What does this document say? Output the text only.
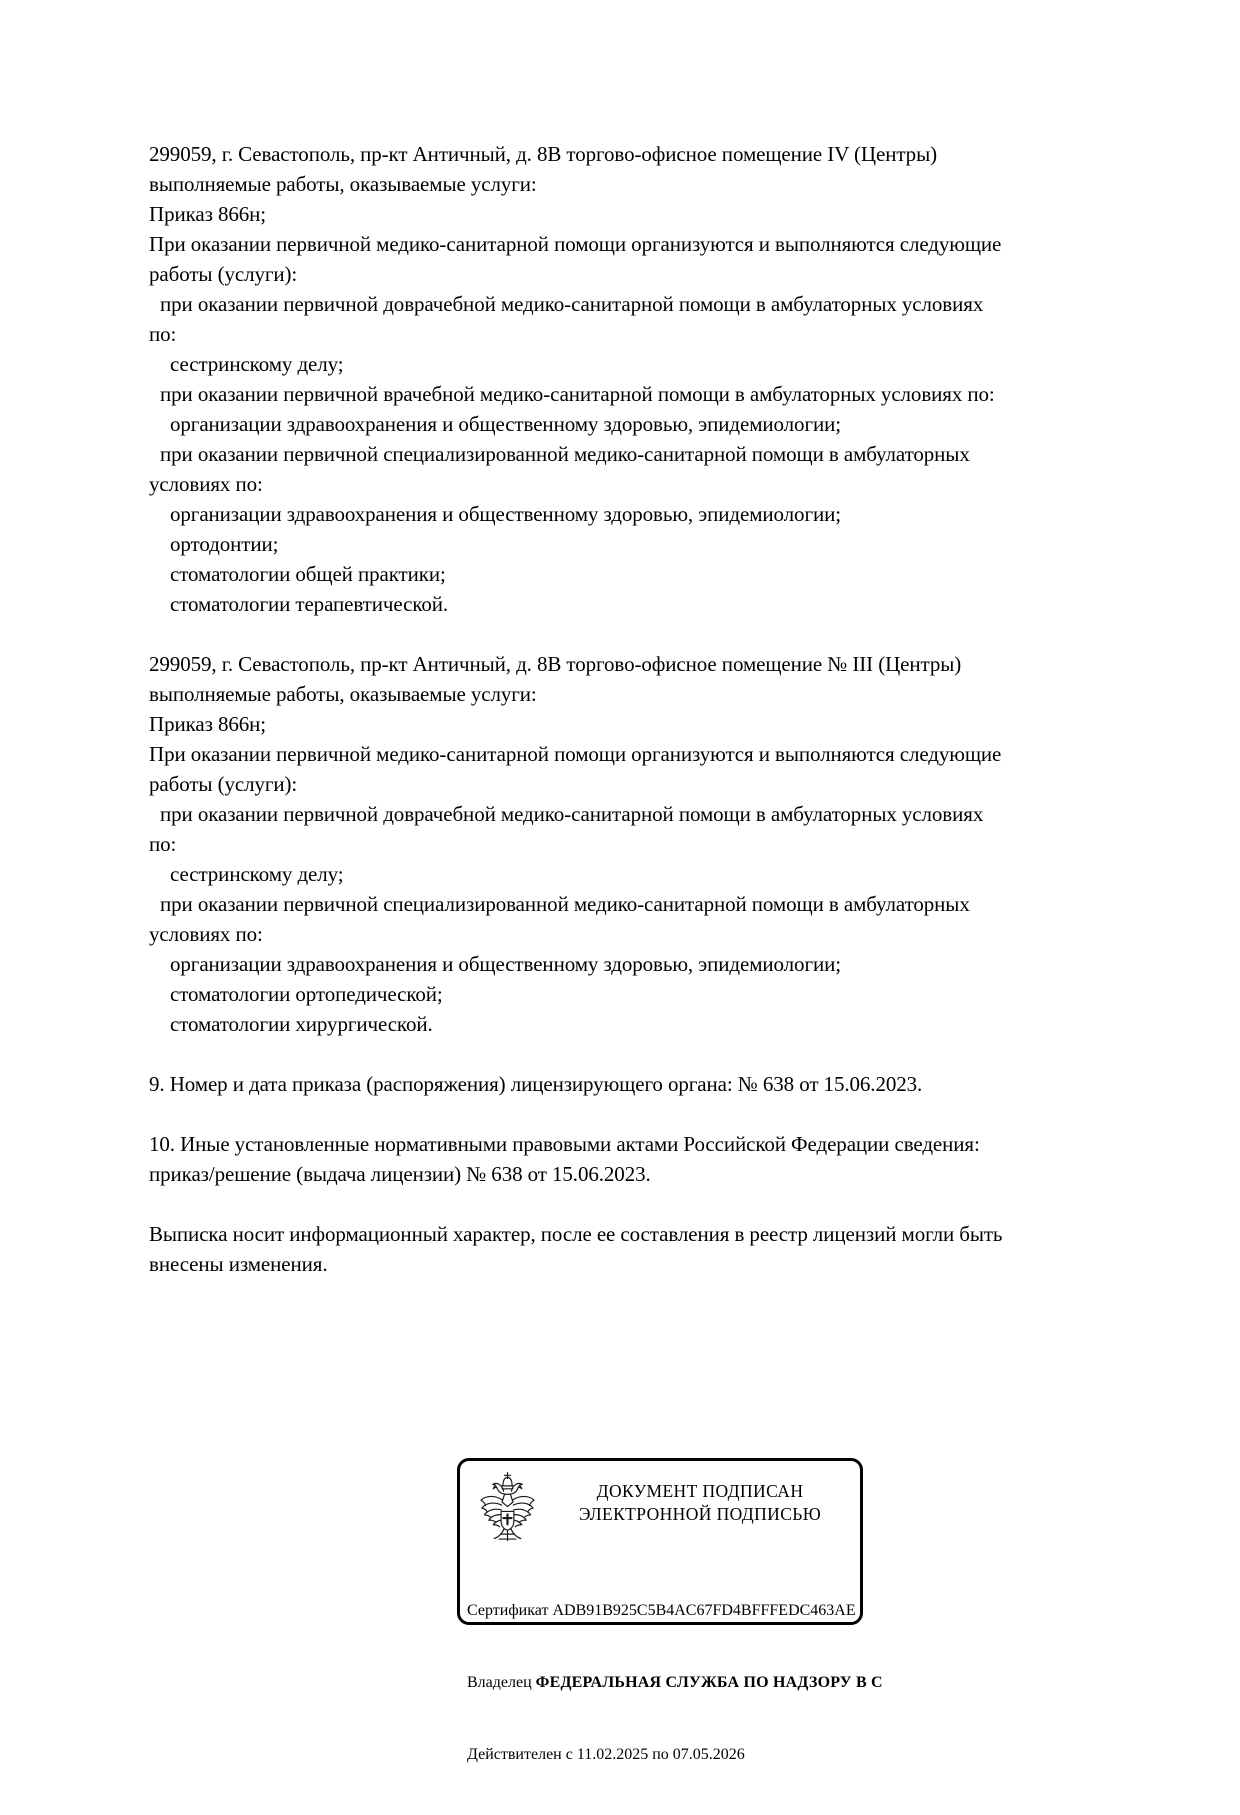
299059, г. Севастополь, пр-кт Античный, д. 8В торгово-офисное помещение IV (Центры)
выполняемые работы, оказываемые услуги:
Приказ 866н;
При оказании первичной медико-санитарной помощи организуются и выполняются следующие
работы (услуги):
при оказании первичной доврачебной медико-санитарной помощи в амбулаторных условиях
по:
сестринскому делу;
при оказании первичной врачебной медико-санитарной помощи в амбулаторных условиях по:
организации здравоохранения и общественному здоровью, эпидемиологии;
при оказании первичной специализированной медико-санитарной помощи в амбулаторных
условиях по:
организации здравоохранения и общественному здоровью, эпидемиологии;
ортодонтии;
стоматологии общей практики;
стоматологии терапевтической.
299059, г. Севастополь, пр-кт Античный, д. 8В торгово-офисное помещение № III (Центры)
выполняемые работы, оказываемые услуги:
Приказ 866н;
При оказании первичной медико-санитарной помощи организуются и выполняются следующие
работы (услуги):
при оказании первичной доврачебной медико-санитарной помощи в амбулаторных условиях
по:
сестринскому делу;
при оказании первичной специализированной медико-санитарной помощи в амбулаторных
условиях по:
организации здравоохранения и общественному здоровью, эпидемиологии;
стоматологии ортопедической;
стоматологии хирургической.
9. Номер и дата приказа (распоряжения) лицензирующего органа: № 638 от 15.06.2023.
10. Иные установленные нормативными правовыми актами Российской Федерации сведения:
приказ/решение (выдача лицензии) № 638 от 15.06.2023.
Выписка носит информационный характер, после ее составления в реестр лицензий могли быть
внесены изменения.
ДОКУМЕНТ ПОДПИСАН
ЭЛЕКТРОННОЙ ПОДПИСЬЮ

Сертификат ADB91B925C5B4AC67FD4BFFFEDC463AE

Владелец ФЕДЕРАЛЬНАЯ СЛУЖБА ПО НАДЗОРУ В С

Действителен с 11.02.2025 по 07.05.2026
